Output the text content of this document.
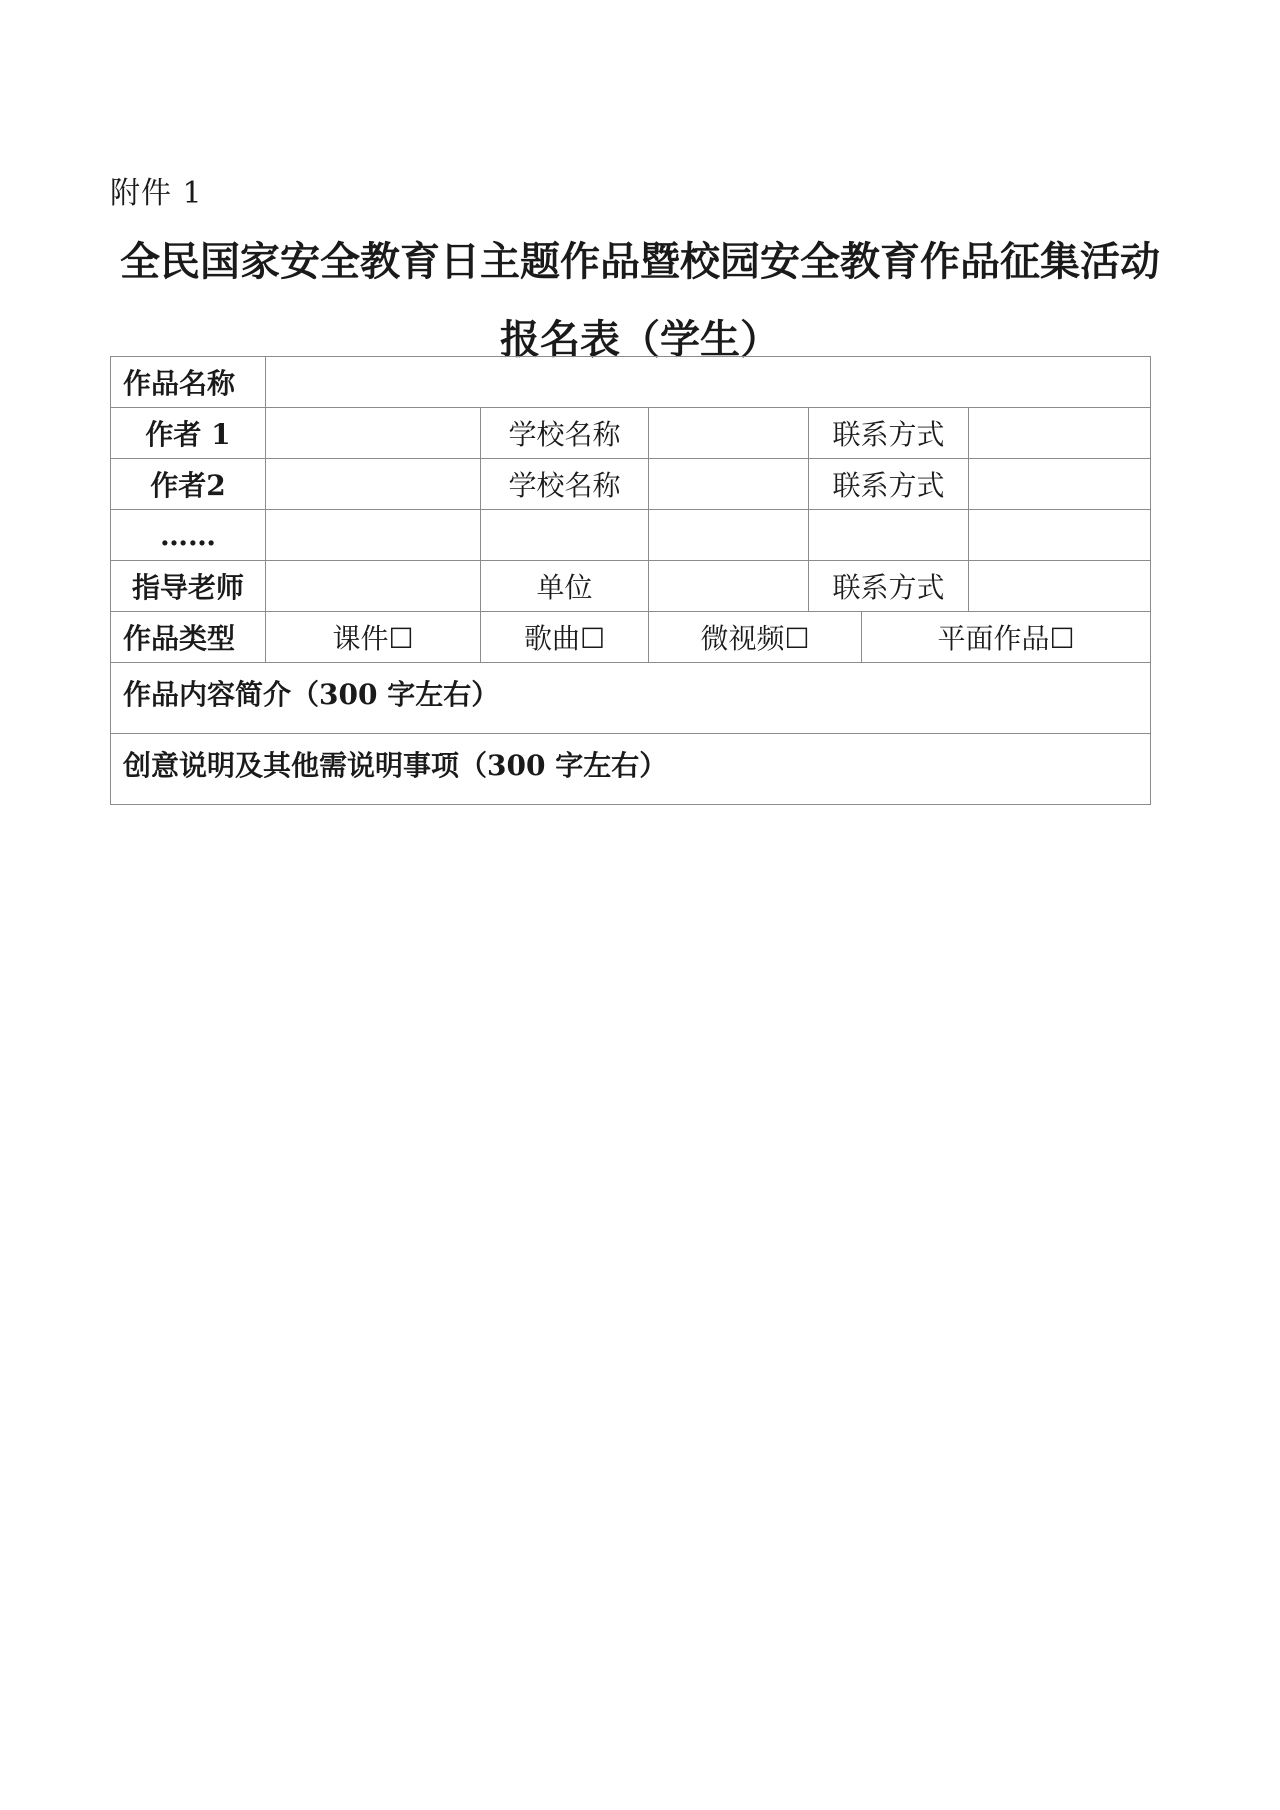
附件 1
全民国家安全教育日主题作品暨校园安全教育作品征集活动
报名表（学生）
作品名称						
作者 1		学校名称		联系方式		
作者2		学校名称		联系方式		
……						
指导老师		单位		联系方式		
作品类型	课件☐	歌曲☐	微视频☐		平面作品☐	
作品内容简介（300 字左右）						
创意说明及其他需说明事项（300 字左右）						
